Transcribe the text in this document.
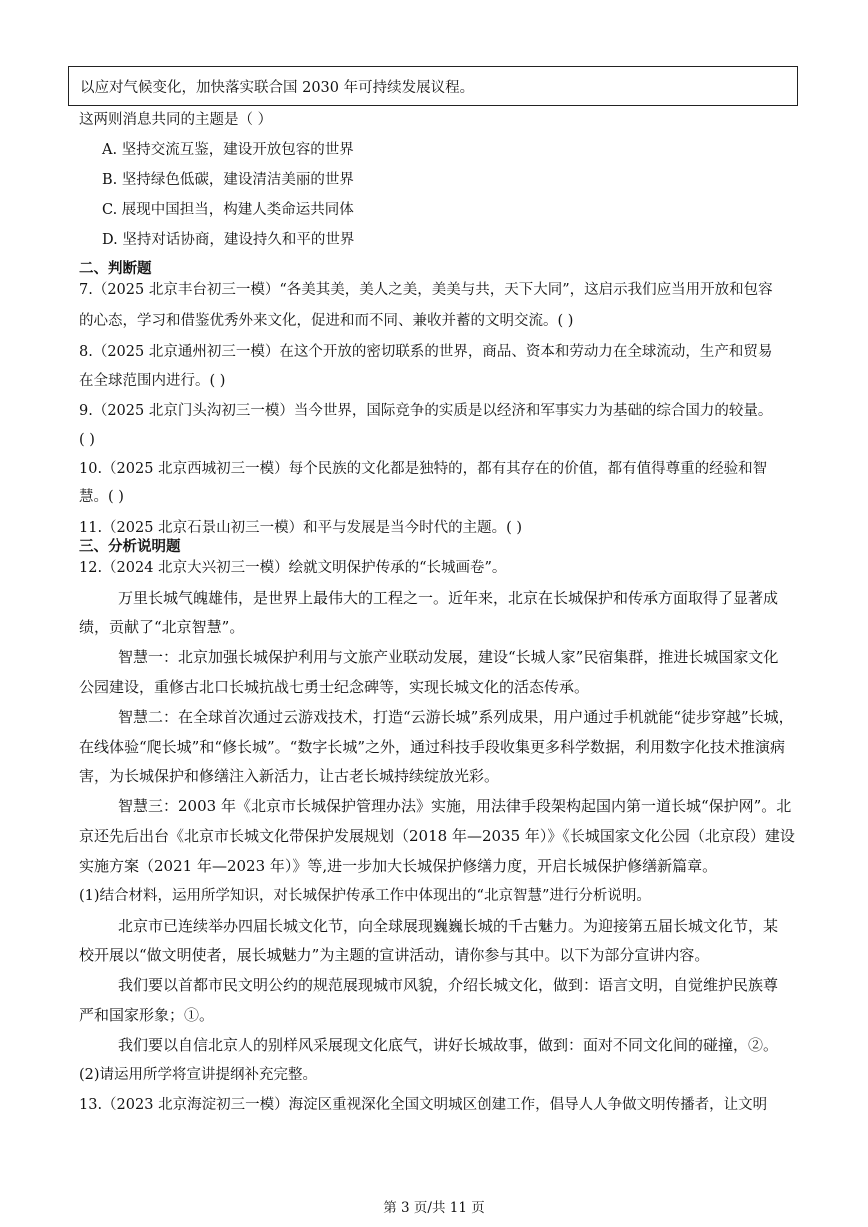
以应对气候变化，加快落实联合国 2030 年可持续发展议程。
这两则消息共同的主题是（ ）
A. 坚持交流互鉴，建设开放包容的世界
B. 坚持绿色低碳，建设清洁美丽的世界
C. 展现中国担当，构建人类命运共同体
D. 坚持对话协商，建设持久和平的世界
二、判断题
7.（2025 北京丰台初三一模）“各美其美，美人之美，美美与共，天下大同”，这启示我们应当用开放和包容
的心态，学习和借鉴优秀外来文化，促进和而不同、兼收并蓄的文明交流。( )
8.（2025 北京通州初三一模）在这个开放的密切联系的世界，商品、资本和劳动力在全球流动，生产和贸易
在全球范围内进行。( )
9.（2025 北京门头沟初三一模）当今世界，国际竞争的实质是以经济和军事实力为基础的综合国力的较量。
( )
10.（2025 北京西城初三一模）每个民族的文化都是独特的，都有其存在的价值，都有值得尊重的经验和智
慧。( )
11.（2025 北京石景山初三一模）和平与发展是当今时代的主题。( )
三、分析说明题
12.（2024 北京大兴初三一模）绘就文明保护传承的“长城画卷”。
万里长城气魄雄伟，是世界上最伟大的工程之一。近年来，北京在长城保护和传承方面取得了显著成
绩，贡献了“北京智慧”。
智慧一：北京加强长城保护利用与文旅产业联动发展，建设“长城人家”民宿集群，推进长城国家文化
公园建设，重修古北口长城抗战七勇士纪念碑等，实现长城文化的活态传承。
智慧二：在全球首次通过云游戏技术，打造“云游长城”系列成果，用户通过手机就能“徒步穿越”长城，
在线体验“爬长城”和“修长城”。“数字长城”之外，通过科技手段收集更多科学数据，利用数字化技术推演病
害，为长城保护和修缮注入新活力，让古老长城持续绽放光彩。
智慧三：2003 年《北京市长城保护管理办法》实施，用法律手段架构起国内第一道长城“保护网”。北
京还先后出台《北京市长城文化带保护发展规划（2018 年—2035 年）》《长城国家文化公园（北京段）建设
实施方案（2021 年—2023 年）》等,进一步加大长城保护修缮力度，开启长城保护修缮新篇章。
(1)结合材料，运用所学知识，对长城保护传承工作中体现出的“北京智慧”进行分析说明。
北京市已连续举办四届长城文化节，向全球展现巍巍长城的千古魅力。为迎接第五届长城文化节，某
校开展以“做文明使者，展长城魅力”为主题的宣讲活动，请你参与其中。以下为部分宣讲内容。
我们要以首都市民文明公约的规范展现城市风貌，介绍长城文化，做到：语言文明，自觉维护民族尊
严和国家形象；①。
我们要以自信北京人的别样风采展现文化底气，讲好长城故事，做到：面对不同文化间的碰撞，②。
(2)请运用所学将宣讲提纲补充完整。
13.（2023 北京海淀初三一模）海淀区重视深化全国文明城区创建工作，倡导人人争做文明传播者，让文明
第 3 页/共 11 页
